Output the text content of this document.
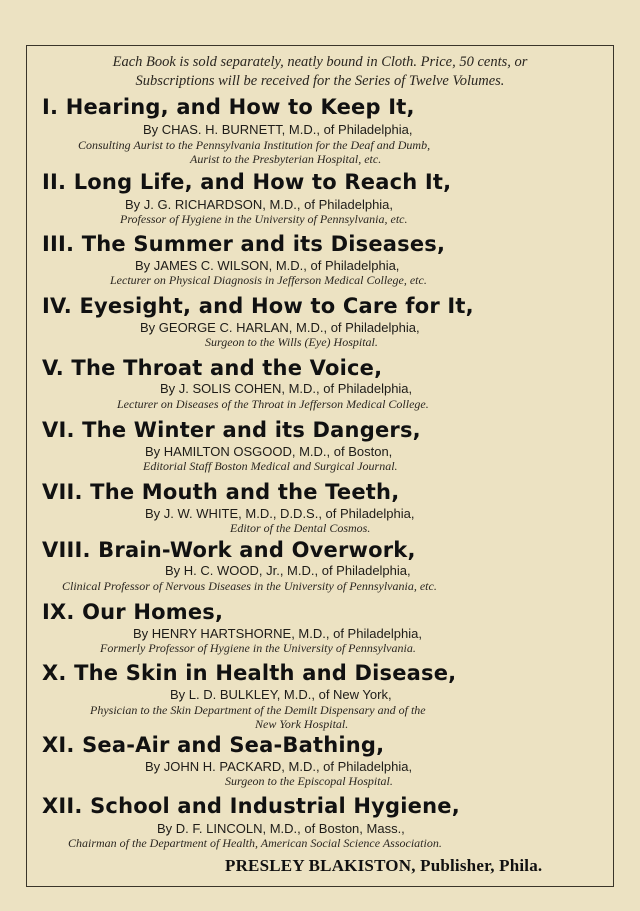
Each Book is sold separately, neatly bound in Cloth. Price, 50 cents, or
Subscriptions will be received for the Series of Twelve Volumes.
I. Hearing, and How to Keep It,
By CHAS. H. BURNETT, M.D., of Philadelphia,
Consulting Aurist to the Pennsylvania Institution for the Deaf and Dumb,
Aurist to the Presbyterian Hospital, etc.
II. Long Life, and How to Reach It,
By J. G. RICHARDSON, M.D., of Philadelphia,
Professor of Hygiene in the University of Pennsylvania, etc.
III. The Summer and its Diseases,
By JAMES C. WILSON, M.D., of Philadelphia,
Lecturer on Physical Diagnosis in Jefferson Medical College, etc.
IV. Eyesight, and How to Care for It,
By GEORGE C. HARLAN, M.D., of Philadelphia,
Surgeon to the Wills (Eye) Hospital.
V. The Throat and the Voice,
By J. SOLIS COHEN, M.D., of Philadelphia,
Lecturer on Diseases of the Throat in Jefferson Medical College.
VI. The Winter and its Dangers,
By HAMILTON OSGOOD, M.D., of Boston,
Editorial Staff Boston Medical and Surgical Journal.
VII. The Mouth and the Teeth,
By J. W. WHITE, M.D., D.D.S., of Philadelphia,
Editor of the Dental Cosmos.
VIII. Brain-Work and Overwork,
By H. C. WOOD, Jr., M.D., of Philadelphia,
Clinical Professor of Nervous Diseases in the University of Pennsylvania, etc.
IX. Our Homes,
By HENRY HARTSHORNE, M.D., of Philadelphia,
Formerly Professor of Hygiene in the University of Pennsylvania.
X. The Skin in Health and Disease,
By L. D. BULKLEY, M.D., of New York,
Physician to the Skin Department of the Demilt Dispensary and of the
New York Hospital.
XI. Sea-Air and Sea-Bathing,
By JOHN H. PACKARD, M.D., of Philadelphia,
Surgeon to the Episcopal Hospital.
XII. School and Industrial Hygiene,
By D. F. LINCOLN, M.D., of Boston, Mass.,
Chairman of the Department of Health, American Social Science Association.
PRESLEY BLAKISTON, Publisher, Phila.
